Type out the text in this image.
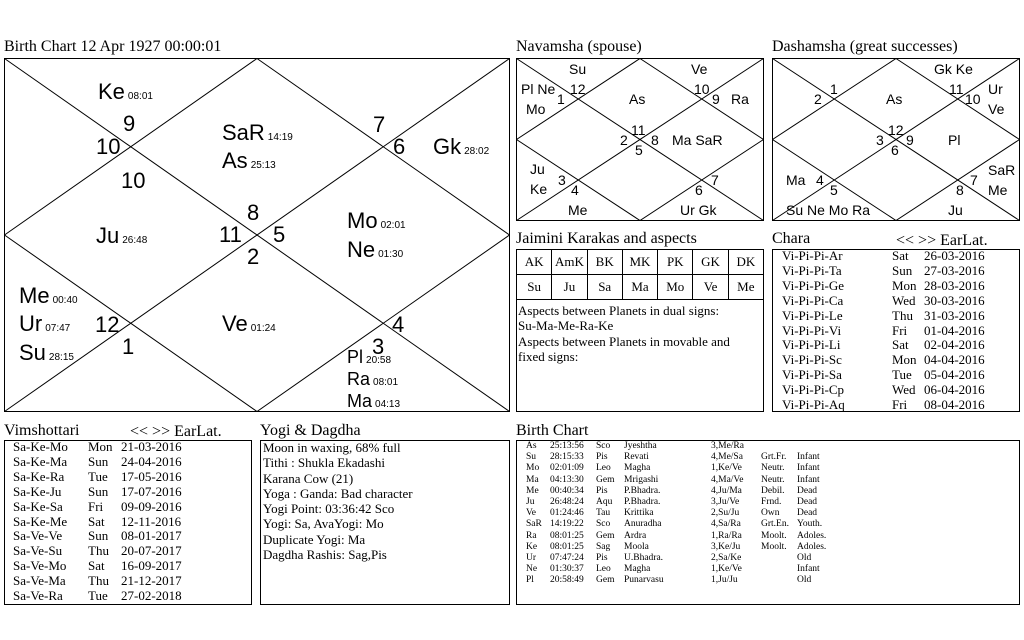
Birth Chart 12 Apr 1927 00:00:01	Navamsha (spouse)	Dashamsha (great successes)
Jaimini Karakas and aspects	Chara	<< >> EarLat.
Vimshottari	<< >> EarLat. Yogi & Dagdha	Birth Chart
10
9
8
7
6
5
4
3
2
11
10
1
12
Ke 08:01
SaR 14:19
As 25:13
Gk 28:02
Ju 26:48
Mo 02:01
Ne 01:30
Me 00:40
Ur 07:47
Su 28:15
Ve 01:24
Pl 20:58
Ra 08:01
Ma 04:13
Su
Pl Ne 12
1
Mo
Ve
10
9 Ra
As
11
2 8
5
Ma SaR
Ju
Ke
3
4
Me
6
7
Ur Gk
1
2
Gk Ke
11
10
Ur
Ve
As
12
3 9
6
Pl
Ma 4
5
Su Ne Mo Ra
8
7
SaR
Me
Ju
AK	AmK	BK	MK	PK	GK	DK
Su	Ju	Sa	Ma	Mo	Ve	Me
Aspects between Planets in dual signs:
Su-Ma-Me-Ra-Ke
Aspects between Planets in movable and
fixed signs:
Vi-Pi-Pi-Ar	Sat	26-03-2016
Vi-Pi-Pi-Ta	Sun 27-03-2016
Vi-Pi-Pi-Ge	Mon 28-03-2016
Vi-Pi-Pi-Ca	Wed 30-03-2016
Vi-Pi-Pi-Le	Thu 31-03-2016
Vi-Pi-Pi-Vi	Fri	01-04-2016
Vi-Pi-Pi-Li	Sat	02-04-2016
Vi-Pi-Pi-Sc	Mon 04-04-2016
Vi-Pi-Pi-Sa	Tue 05-04-2016
Vi-Pi-Pi-Cp	Wed 06-04-2016
Vi-Pi-Pi-Aq	Fri	08-04-2016
Sa-Ke-Mo	Mon 21-03-2016
Sa-Ke-Ma	Sun 24-04-2016
Sa-Ke-Ra	Tue	17-05-2016
Sa-Ke-Ju	Sun 17-07-2016
Sa-Ke-Sa	Fri	09-09-2016
Sa-Ke-Me	Sat	12-11-2016
Sa-Ve-Ve	Sun 08-01-2017
Sa-Ve-Su	Thu 20-07-2017
Sa-Ve-Mo	Sat	16-09-2017
Sa-Ve-Ma	Thu 21-12-2017
Sa-Ve-Ra	Tue	27-02-2018
Moon in waxing, 68% full
Tithi : Shukla Ekadashi
Karana Cow (21)
Yoga : Ganda: Bad character
Yogi Point: 03:36:42 Sco
Yogi: Sa, AvaYogi: Mo
Duplicate Yogi: Ma
Dagdha Rashis: Sag,Pis
As	25:13:56	Sco	Jyeshtha	3,Me/Ra
Su	28:15:33	Pis	Revati	4,Me/Sa	Grt.Fr.	Infant
Mo	02:01:09	Leo	Magha	1,Ke/Ve	Neutr.	Infant
Ma	04:13:30	Gem	Mrigashi	4,Ma/Ve	Neutr.	Infant
Me	00:40:34	Pis	P.Bhadra.	4,Ju/Ma	Debil.	Dead
Ju	26:48:24	Aqu	P.Bhadra.	3,Ju/Ve	Frnd.	Dead
Ve	01:24:46	Tau	Krittika	2,Su/Ju	Own	Dead
SaR 14:19:22	Sco	Anuradha	4,Sa/Ra	Grt.En. Youth.
Ra	08:01:25	Gem	Ardra	1,Ra/Ra	Moolt.	Adoles.
Ke	08:01:25	Sag	Moola	3,Ke/Ju	Moolt.	Adoles.
Ur	07:47:24	Pis	U.Bhadra.	2,Sa/Ke	Old
Ne	01:30:37	Leo	Magha	1,Ke/Ve	Infant
Pl	20:58:49	Gem	Punarvasu	1,Ju/Ju	Old
